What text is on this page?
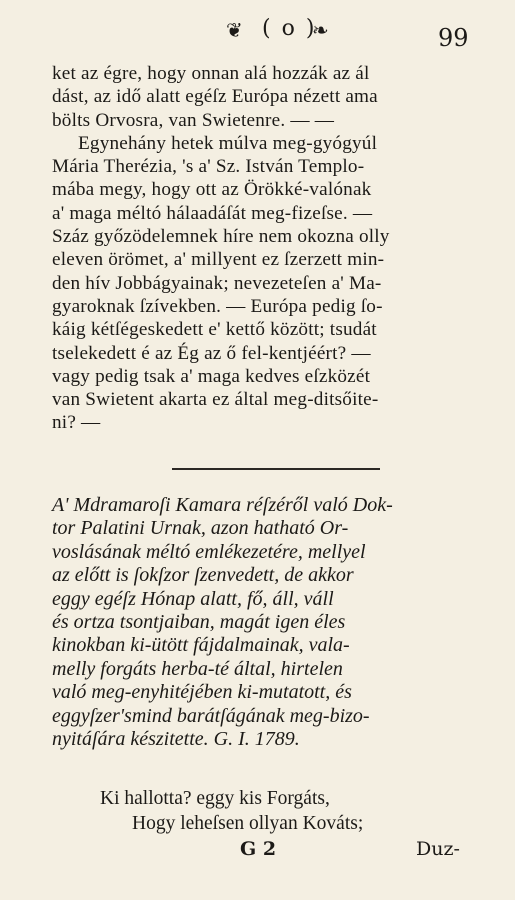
❦ ( o )
❧	99
ket az égre, hogy onnan alá hozzák az ál
dást, az idő alatt egéſz Európa nézett ama
bölts Orvosra, van Swietenre. — —
Egynehány hetek múlva meg-gyógyúl
Mária Therézia, 's a' Sz. István Templo-
mába megy, hogy ott az Örökké-valónak
a' maga méltó hálaadáſát meg-fizeſse. —
Száz győzödelemnek híre nem okozna olly
eleven örömet, a' millyent ez ſzerzett min-
den hív Jobbágyainak; nevezeteſen a' Ma-
gyaroknak ſzívekben. — Európa pedig ſo-
káig kétſégeskedett e' kettő között; tsudát
tselekedett é az Ég az ő fel-kentjéért? —
vagy pedig tsak a' maga kedves eſzközét
van Swietent akarta ez által meg-ditsőite-
ni? —
A' Mdramaroſi Kamara réſzéről való Dok-
tor Palatini Urnak, azon hatható Or-
voslásának méltó emlékezetére, mellyel
az előtt is ſokſzor ſzenvedett, de akkor
eggy egéſz Hónap alatt, fő, áll, váll
és ortza tsontjaiban, magát igen éles
kinokban ki-ütött fájdalmainak, vala-
melly forgáts herba-té által, hirtelen
való meg-enyhitéjében ki-mutatott, és
eggyſzer'smind barátſágának meg-bizo-
nyitáſára készitette. G. I. 1789.
Ki hallotta? eggy kis Forgáts,
Hogy leheſsen ollyan Kováts;
G 2	Duz-
